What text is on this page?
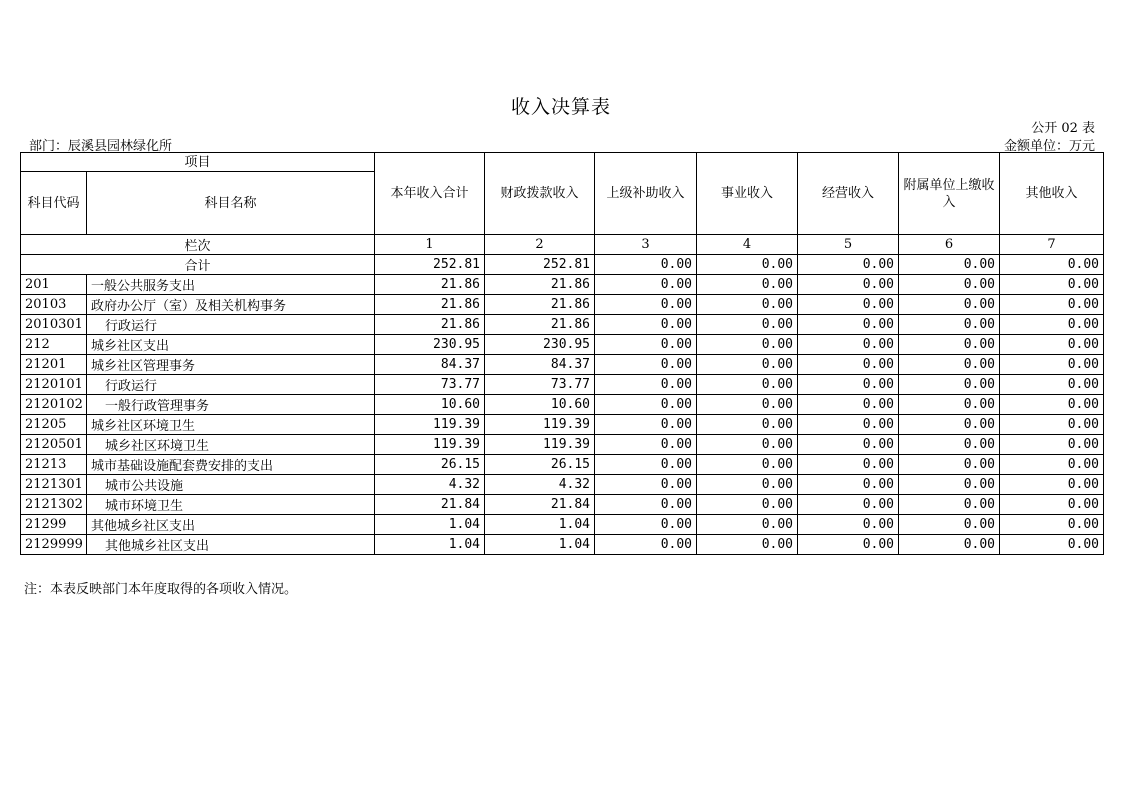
收入决算表
公开 02 表
部门：辰溪县园林绿化所	金额单位：万元
项目		本年收入合计	财政拨款收入	上级补助收入	事业收入	经营收入	附属单位上缴收入	其他收入
科目代码	科目名称							
栏次		1	2	3	4	5	6	7
合计		252.81	252.81	0.00	0.00	0.00	0.00	0.00
201	一般公共服务支出	21.86	21.86	0.00	0.00	0.00	0.00	0.00
20103	政府办公厅（室）及相关机构事务	21.86	21.86	0.00	0.00	0.00	0.00	0.00
2010301	行政运行	21.86	21.86	0.00	0.00	0.00	0.00	0.00
212	城乡社区支出	230.95	230.95	0.00	0.00	0.00	0.00	0.00
21201	城乡社区管理事务	84.37	84.37	0.00	0.00	0.00	0.00	0.00
2120101	行政运行	73.77	73.77	0.00	0.00	0.00	0.00	0.00
2120102	一般行政管理事务	10.60	10.60	0.00	0.00	0.00	0.00	0.00
21205	城乡社区环境卫生	119.39	119.39	0.00	0.00	0.00	0.00	0.00
2120501	城乡社区环境卫生	119.39	119.39	0.00	0.00	0.00	0.00	0.00
21213	城市基础设施配套费安排的支出	26.15	26.15	0.00	0.00	0.00	0.00	0.00
2121301	城市公共设施	4.32	4.32	0.00	0.00	0.00	0.00	0.00
2121302	城市环境卫生	21.84	21.84	0.00	0.00	0.00	0.00	0.00
21299	其他城乡社区支出	1.04	1.04	0.00	0.00	0.00	0.00	0.00
2129999	其他城乡社区支出	1.04	1.04	0.00	0.00	0.00	0.00	0.00
注：本表反映部门本年度取得的各项收入情况。
